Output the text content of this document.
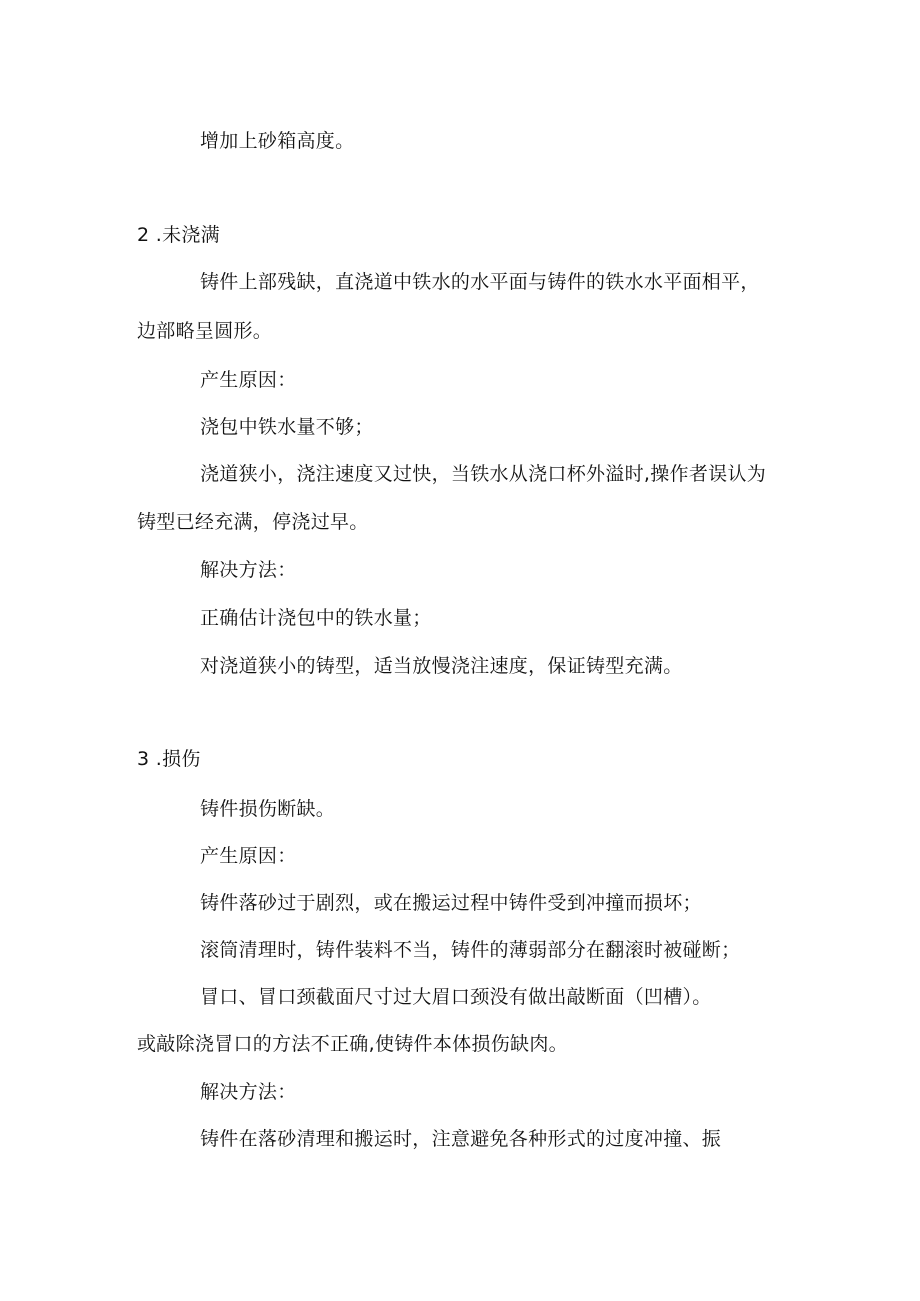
增加上砂箱高度。
2 .未浇满
铸件上部残缺，直浇道中铁水的水平面与铸件的铁水水平面相平，
边部略呈圆形。
产生原因：
浇包中铁水量不够；
浇道狭小，浇注速度又过快，当铁水从浇口杯外溢时,操作者误认为
铸型已经充满，停浇过早。
解决方法：
正确估计浇包中的铁水量；
对浇道狭小的铸型，适当放慢浇注速度，保证铸型充满。
3 .损伤
铸件损伤断缺。
产生原因：
铸件落砂过于剧烈，或在搬运过程中铸件受到冲撞而损坏；
滚筒清理时，铸件装料不当，铸件的薄弱部分在翻滚时被碰断；
冒口、冒口颈截面尺寸过大眉口颈没有做出敲断面（凹槽）。
或敲除浇冒口的方法不正确,使铸件本体损伤缺肉。
解决方法：
铸件在落砂清理和搬运时，注意避免各种形式的过度冲撞、振
